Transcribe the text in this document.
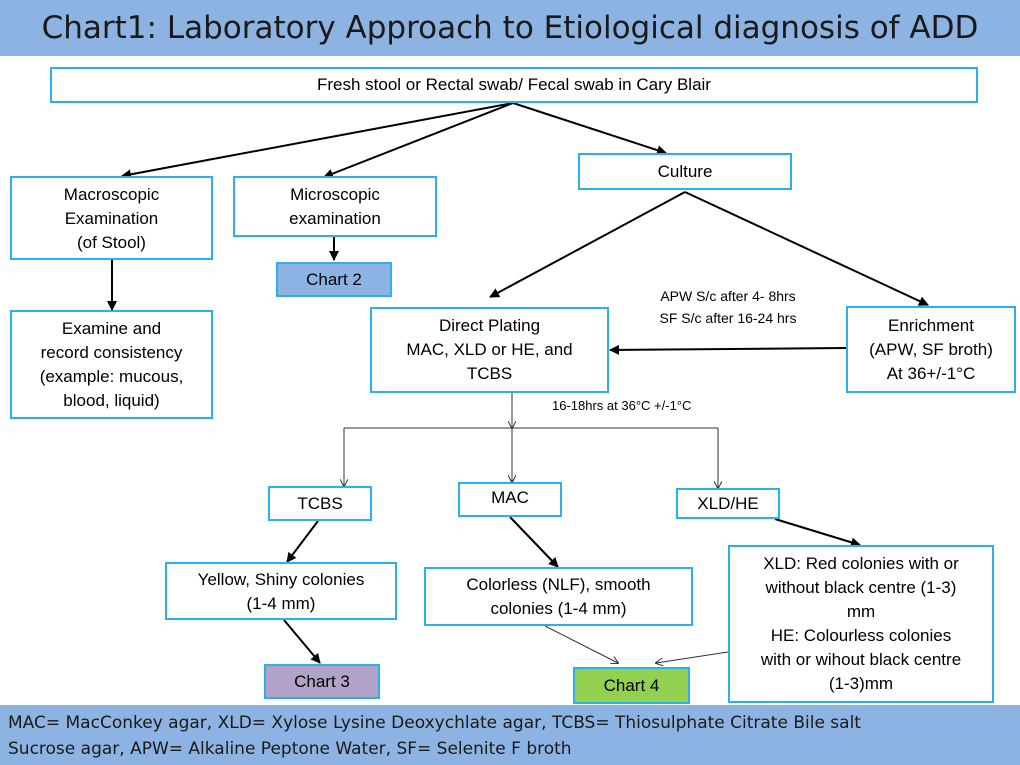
Chart1: Laboratory Approach to Etiological diagnosis of ADD
Fresh stool or Rectal swab/ Fecal swab in Cary Blair
Macroscopic
Examination
(of Stool)
Microscopic
examination
Culture
Chart 2
Examine and
record consistency
(example: mucous,
blood, liquid)
Direct Plating
MAC, XLD or HE, and
TCBS
Enrichment
(APW, SF broth)
At 36+/-1°C
APW S/c after 4- 8hrs
SF S/c after 16-24 hrs
16-18hrs at 36°C +/-1°C
TCBS	MAC	XLD/HE
Yellow, Shiny colonies
(1-4 mm)
Colorless (NLF), smooth
colonies (1-4 mm)
XLD: Red colonies with or
without black centre (1-3)
mm
HE: Colourless colonies
with or wihout black centre
(1-3)mm
Chart 3	Chart 4
MAC= MacConkey agar, XLD= Xylose Lysine Deoxychlate agar, TCBS= Thiosulphate Citrate Bile salt
Sucrose agar, APW= Alkaline Peptone Water, SF= Selenite F broth
